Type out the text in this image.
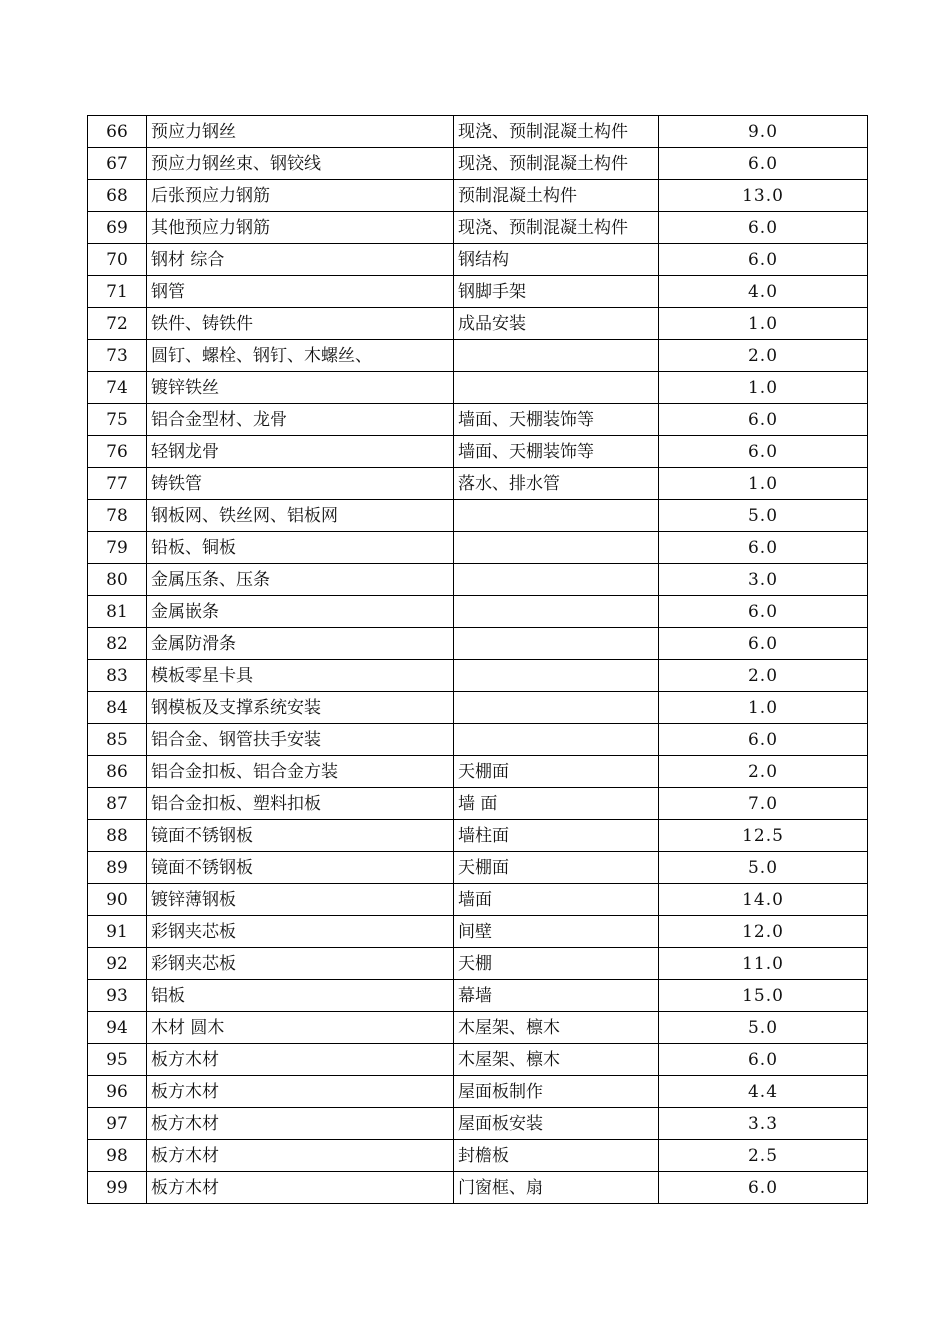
66	预应力钢丝	现浇、预制混凝土构件	9.0
67	预应力钢丝束、钢铰线	现浇、预制混凝土构件	6.0
68	后张预应力钢筋	预制混凝土构件	13.0
69	其他预应力钢筋	现浇、预制混凝土构件	6.0
70	钢材 综合	钢结构	6.0
71	钢管	钢脚手架	4.0
72	铁件、铸铁件	成品安装	1.0
73	圆钉、螺栓、钢钉、木螺丝、		2.0
74	镀锌铁丝		1.0
75	铝合金型材、龙骨	墙面、天棚装饰等	6.0
76	轻钢龙骨	墙面、天棚装饰等	6.0
77	铸铁管	落水、排水管	1.0
78	钢板网、铁丝网、铝板网		5.0
79	铅板、铜板		6.0
80	金属压条、压条		3.0
81	金属嵌条		6.0
82	金属防滑条		6.0
83	模板零星卡具		2.0
84	钢模板及支撑系统安装		1.0
85	铝合金、钢管扶手安装		6.0
86	铝合金扣板、铝合金方装	天棚面	2.0
87	铝合金扣板、塑料扣板	墙 面	7.0
88	镜面不锈钢板	墙柱面	12.5
89	镜面不锈钢板	天棚面	5.0
90	镀锌薄钢板	墙面	14.0
91	彩钢夹芯板	间壁	12.0
92	彩钢夹芯板	天棚	11.0
93	铝板	幕墙	15.0
94	木材 圆木	木屋架、檩木	5.0
95	板方木材	木屋架、檩木	6.0
96	板方木材	屋面板制作	4.4
97	板方木材	屋面板安装	3.3
98	板方木材	封檐板	2.5
99	板方木材	门窗框、扇	6.0
